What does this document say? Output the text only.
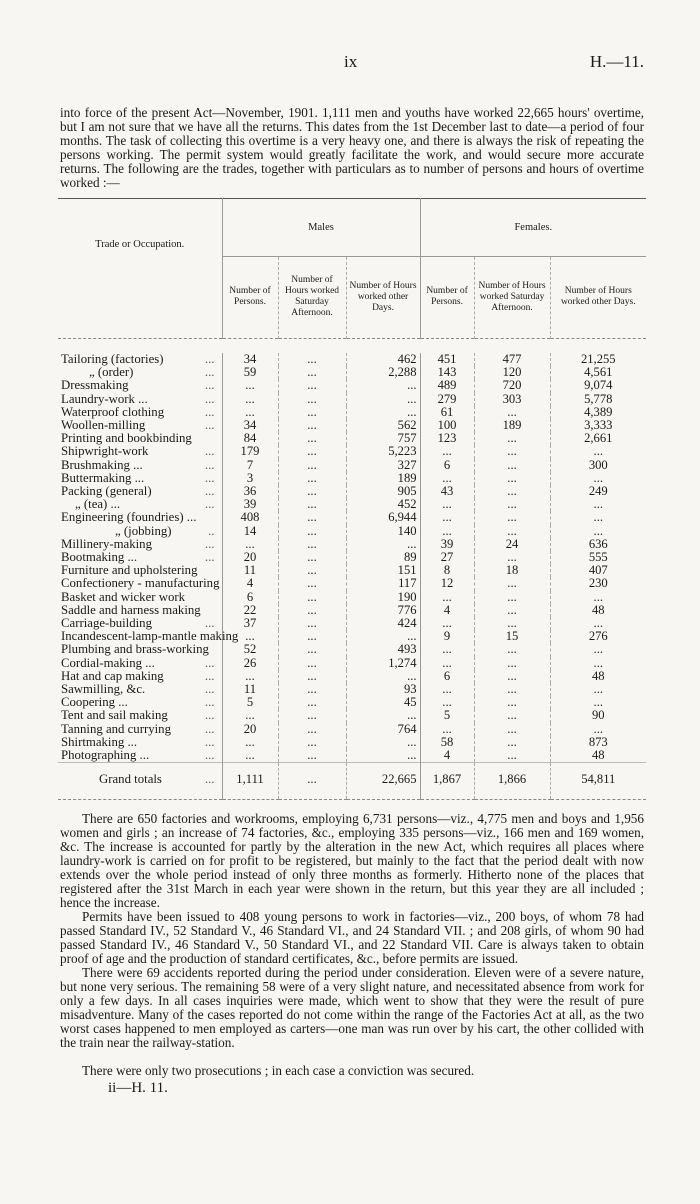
ix	H.—11.

into force of the present Act—November, 1901. 1,111 men and youths have worked 22,665 hours' overtime, but I am not sure that we have all the returns. This dates from the 1st December last to date—a period of four months. The task of collecting this overtime is a very heavy one, and there is always the risk of repeating the persons working. The permit system would greatly facilitate the work, and would secure more accurate returns. The following are the trades, together with particulars as to number of persons and hours of overtime worked :—

Trade or Occupation.	Males			Females.		
	Number of Persons.	Number of Hours worked Saturday Afternoon.	Number of Hours worked other Days.	Number of Persons.	Number of Hours worked Saturday Afternoon.	Number of Hours worked other Days.

Tailoring (factories) ...	34	...	462	451	477	21,255

„ (order) ...	59	...	2,288	143	120	4,561

Dressmaking ...	...	...	...	489	720	9,074

Laundry-work ... ...	...	...	...	279	303	5,778

Waterproof clothing ...	...	...	...	61	...	4,389

Woollen-milling ...	34	...	562	100	189	3,333

Printing and bookbinding	84	...	757	123	...	2,661

Shipwright-work ...	179	...	5,223	...	...	...

Brushmaking ... ...	7	...	327	6	...	300

Buttermaking ... ...	3	...	189	...	...	...

Packing (general) ...	36	...	905	43	...	249

„ (tea) ... ...	39	...	452	...	...	...

Engineering (foundries) ...	408	...	6,944	...	...	...

„ (jobbing) ..	14	...	140	...	...	...

Millinery-making ...	...	...	...	39	24	636

Bootmaking ... ...	20	...	89	27	...	555

Furniture and upholstering	11	...	151	8	18	407

Confectionery - manufacturing	4	...	117	12	...	230

Basket and wicker work	6	...	190	...	...	...

Saddle and harness making	22	...	776	4	...	48

Carriage-building ...	37	...	424	...	...	...

Incandescent-lamp-mantle making	...	...	...	9	15	276

Plumbing and brass-working	52	...	493	...	...	...

Cordial-making ... ...	26	...	1,274	...	...	...

Hat and cap making ...	...	...	...	6	...	48

Sawmilling, &c. ...	11	...	93	...	...	...

Coopering ... ...	5	...	45	...	...	...

Tent and sail making ...	...	...	...	5	...	90

Tanning and currying ...	20	...	764	...	...	...

Shirtmaking ... ...	...	...	...	58	...	873

Photographing ... ...	...	...	...	4	...	48

Grand totals ...	1,111	...	22,665	1,867	1,866	54,811

There are 650 factories and workrooms, employing 6,731 persons—viz., 4,775 men and boys and 1,956 women and girls ; an increase of 74 factories, &c., employing 335 persons—viz., 166 men and 169 women, &c. The increase is accounted for partly by the alteration in the new Act, which requires all places where laundry-work is carried on for profit to be registered, but mainly to the fact that the period dealt with now extends over the whole period instead of only three months as formerly. Hitherto none of the places that registered after the 31st March in each year were shown in the return, but this year they are all included ; hence the increase.

Permits have been issued to 408 young persons to work in factories—viz., 200 boys, of whom 78 had passed Standard IV., 52 Standard V., 46 Standard VI., and 24 Standard VII. ; and 208 girls, of whom 90 had passed Standard IV., 46 Standard V., 50 Standard VI., and 22 Standard VII. Care is always taken to obtain proof of age and the production of standard certificates, &c., before permits are issued.

There were 69 accidents reported during the period under consideration. Eleven were of a severe nature, but none very serious. The remaining 58 were of a very slight nature, and necessitated absence from work for only a few days. In all cases inquiries were made, which went to show that they were the result of pure misadventure. Many of the cases reported do not come within the range of the Factories Act at all, as the two worst cases happened to men employed as carters—one man was run over by his cart, the other collided with the train near the railway-station.

There were only two prosecutions ; in each case a conviction was secured.

ii—H. 11.
